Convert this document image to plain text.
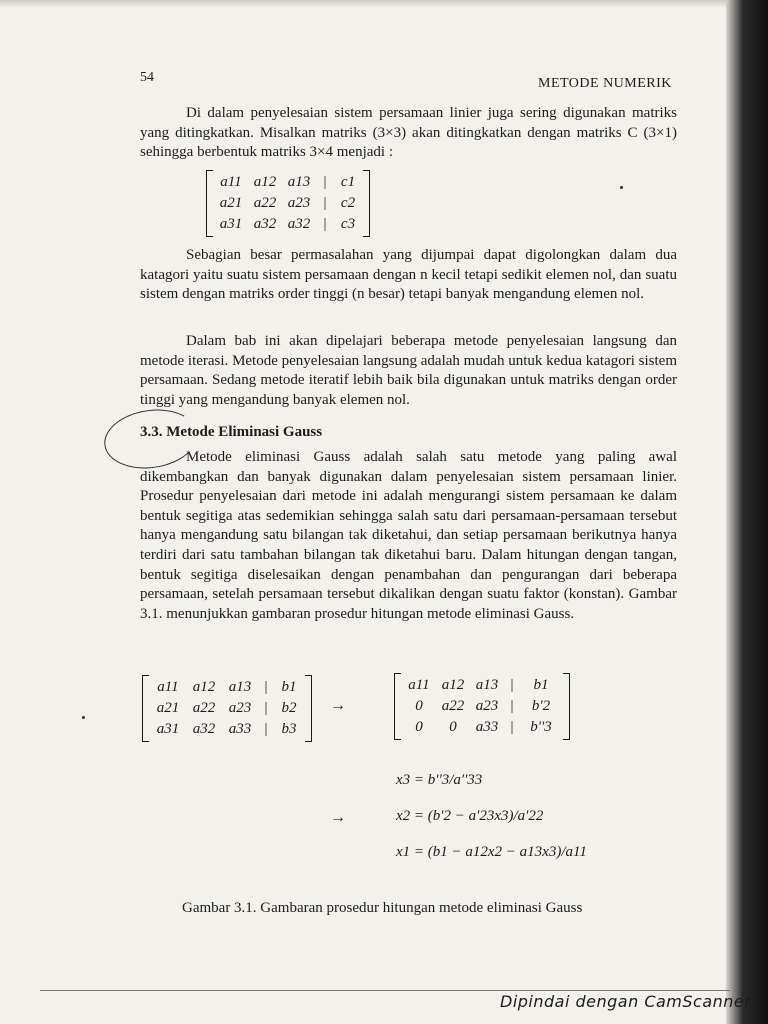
54	METODE NUMERIK
Di dalam penyelesaian sistem persamaan linier juga sering digunakan matriks yang ditingkatkan. Misalkan matriks (3×3) akan ditingkatkan dengan matriks C (3×1) sehingga berbentuk matriks 3×4 menjadi :
a11 a12 a13 | c1
a21 a22 a23 | c2
a31 a32 a32 | c3
Sebagian besar permasalahan yang dijumpai dapat digolongkan dalam dua katagori yaitu suatu sistem persamaan dengan n kecil tetapi sedikit elemen nol, dan suatu sistem dengan matriks order tinggi (n besar) tetapi banyak mengandung elemen nol.
Dalam bab ini akan dipelajari beberapa metode penyelesaian langsung dan metode iterasi. Metode penyelesaian langsung adalah mudah untuk kedua katagori sistem persamaan. Sedang metode iteratif lebih baik bila digunakan untuk matriks dengan order tinggi yang mengandung banyak elemen nol.
3.3. Metode Eliminasi Gauss
Metode eliminasi Gauss adalah salah satu metode yang paling awal dikembangkan dan banyak digunakan dalam penyelesaian sistem persamaan linier. Prosedur penyelesaian dari metode ini adalah mengurangi sistem persamaan ke dalam bentuk segitiga atas sedemikian sehingga salah satu dari persamaan-persamaan tersebut hanya mengandung satu bilangan tak diketahui, dan setiap persamaan berikutnya hanya terdiri dari satu tambahan bilangan tak diketahui baru. Dalam hitungan dengan tangan, bentuk segitiga diselesaikan dengan penambahan dan pengurangan dari beberapa persamaan, setelah persamaan tersebut dikalikan dengan suatu faktor (konstan). Gambar 3.1. menunjukkan gambaran prosedur hitungan metode eliminasi Gauss.
a11 a12 a13 | b1
a21 a22 a23 | b2
a31 a32 a33 | b3
→
a11 a12 a13 |	b1
0	a22 a23 |	b'2
0	0	a33 |	b''3
x3 = b''3/a''33
→	x2 = (b'2 − a'23x3)/a'22
x1 = (b1 − a12x2 − a13x3)/a11
Gambar 3.1. Gambaran prosedur hitungan metode eliminasi Gauss
Dipindai dengan CamScanner
